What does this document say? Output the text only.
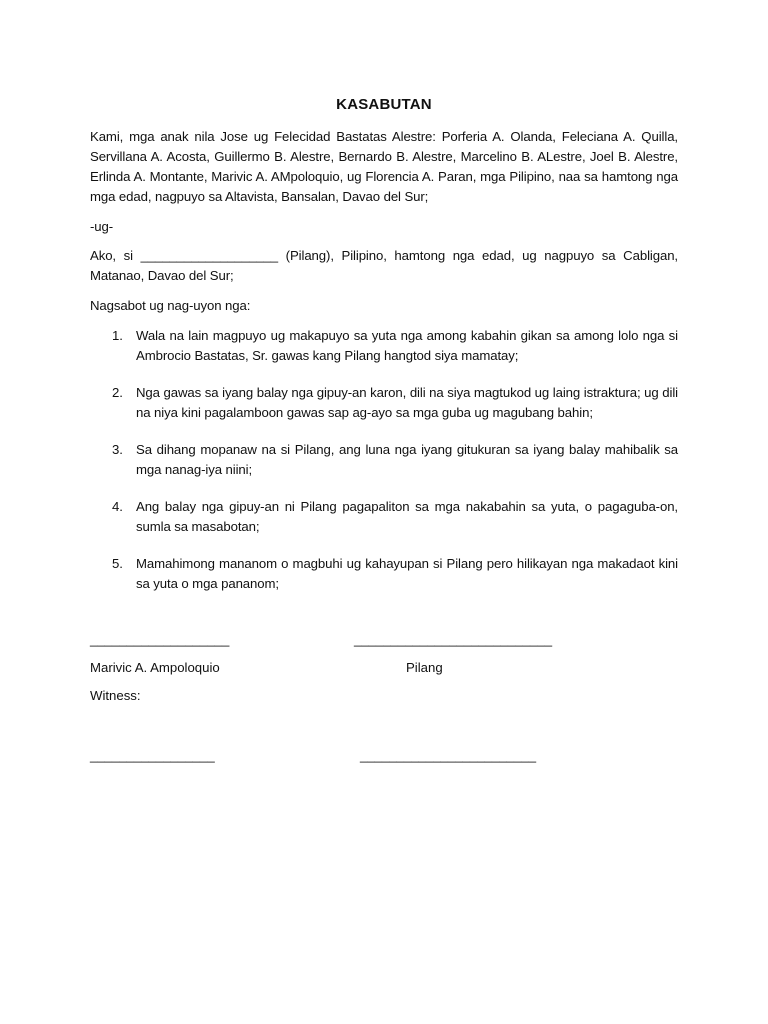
KASABUTAN

Kami, mga anak nila Jose ug Felecidad Bastatas Alestre: Porferia A. Olanda, Feleciana A. Quilla, Servillana A. Acosta, Guillermo B. Alestre, Bernardo B. Alestre, Marcelino B. ALestre, Joel B. Alestre, Erlinda A. Montante, Marivic A. AMpoloquio, ug Florencia A. Paran, mga Pilipino, naa sa hamtong nga mga edad, nagpuyo sa Altavista, Bansalan, Davao del Sur;

-ug-

Ako, si ___________________ (Pilang), Pilipino, hamtong nga edad, ug nagpuyo sa Cabligan, Matanao, Davao del Sur;

Nagsabot ug nag-uyon nga:

1. Wala na lain magpuyo ug makapuyo sa yuta nga among kabahin gikan sa among lolo nga si Ambrocio Bastatas, Sr. gawas kang Pilang hangtod siya mamatay;
2. Nga gawas sa iyang balay nga gipuy-an karon, dili na siya magtukod ug laing istraktura; ug dili na niya kini pagalamboon gawas sap ag-ayo sa mga guba ug magubang bahin;
3. Sa dihang mopanaw na si Pilang, ang luna nga iyang gitukuran sa iyang balay mahibalik sa mga nanag-iya niini;
4. Ang balay nga gipuy-an ni Pilang pagapaliton sa mga nakabahin sa yuta, o pagaguba-on, sumla sa masabotan;
5. Mamahimong mananom o magbuhi ug kahayupan si Pilang pero hilikayan nga makadaot kini sa yuta o mga pananom;
___________________	___________________________
Marivic A. Ampoloquio	Pilang
Witness:
_________________	________________________
